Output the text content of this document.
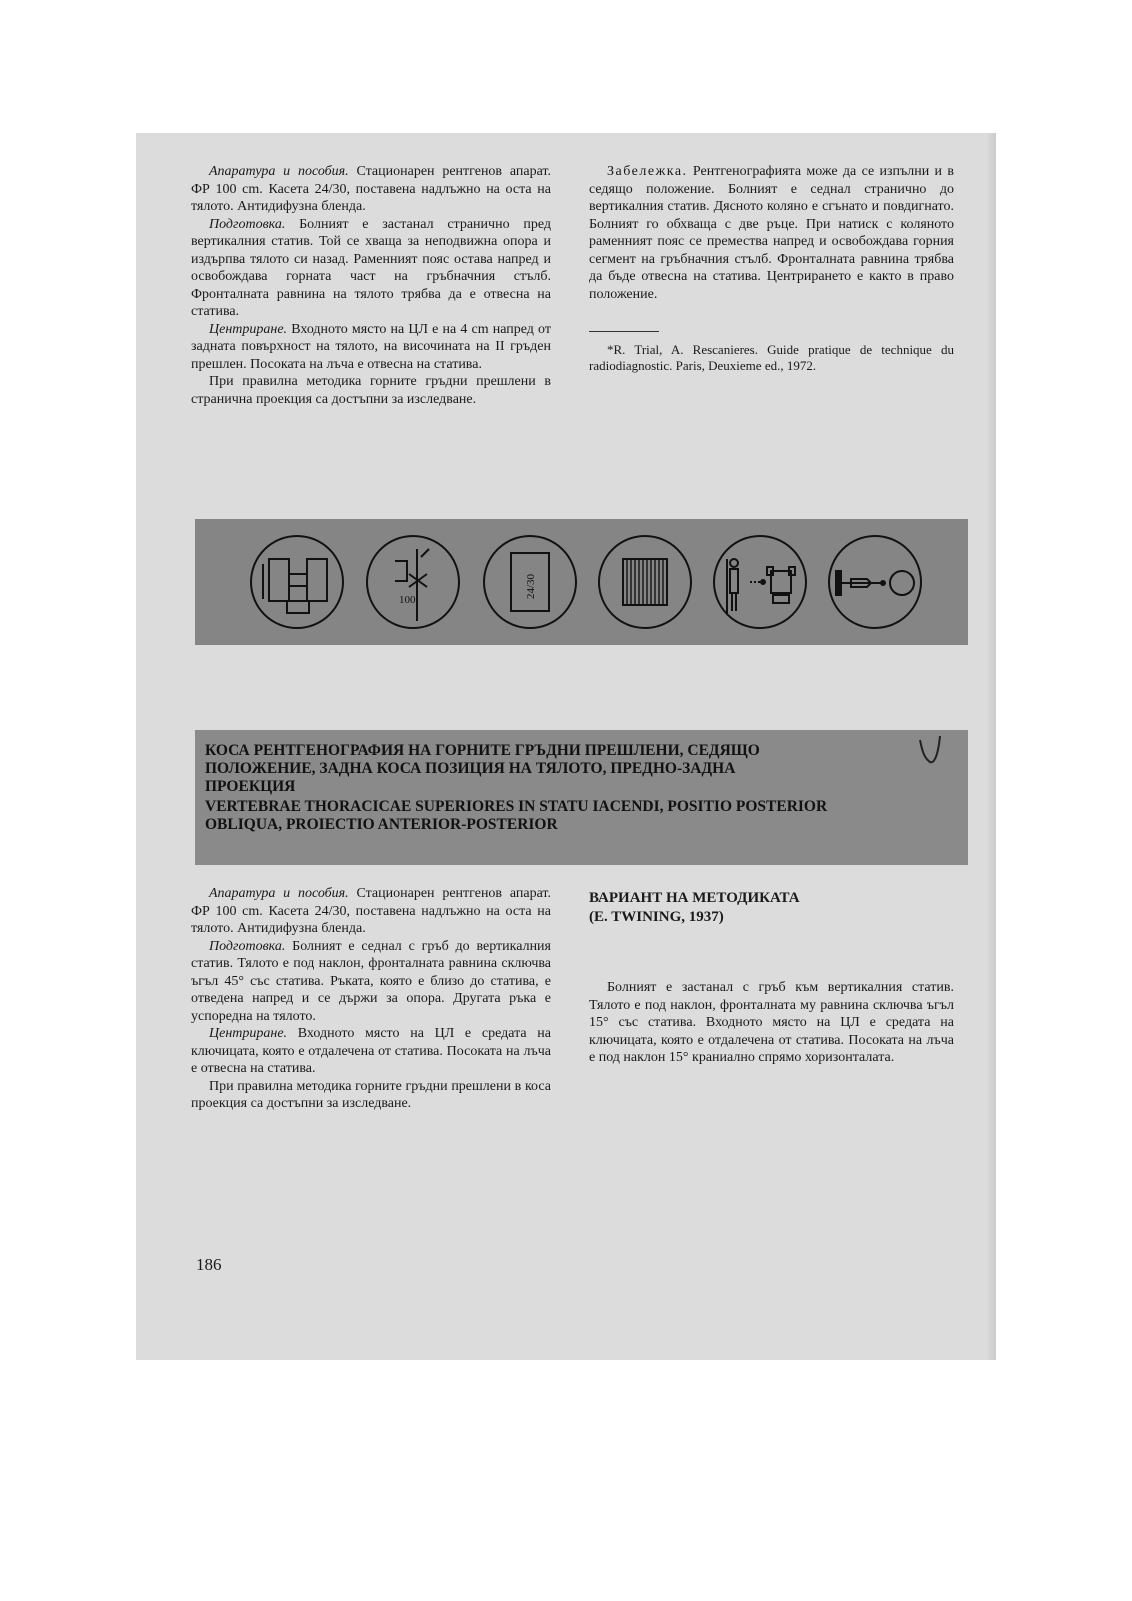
Апаратура и пособия. Стационарен рентгенов апарат. ФР 100 cm. Касета 24/30, поставена надлъжно на оста на тялото. Антидифузна бленда.

Подготовка. Болният е застанал странично пред вертикалния статив. Той се хваща за неподвижна опора и издърпва тялото си назад. Раменният пояс остава напред и освобождава горната част на гръбначния стълб. Фронталната равнина на тялото трябва да е отвесна на статива.

Центриране. Входното място на ЦЛ е на 4 cm напред от задната повърхност на тялото, на височината на II гръден прешлен. Посоката на лъча е отвесна на статива.

При правилна методика горните гръдни прешлени в странична проекция са достъпни за изследване.

Забележка. Рентгенографията може да се изпълни и в седящо положение. Болният е седнал странично до вертикалния статив. Дясното коляно е сгънато и повдигнато. Болният го обхваща с две ръце. При натиск с коляното раменният пояс се премества напред и освобождава горния сегмент на гръбначния стълб. Фронталната равнина трябва да бъде отвесна на статива. Центрирането е както в право положение.

*R. Trial, A. Rescanieres. Guide pratique de technique du radiodiagnostic. Paris, Deuxieme ed., 1972.

100
24/30
КОСА РЕНТГЕНОГРАФИЯ НА ГОРНИТЕ ГРЪДНИ ПРЕШЛЕНИ, СЕДЯЩО
ПОЛОЖЕНИЕ, ЗАДНА КОСА ПОЗИЦИЯ НА ТЯЛОТО, ПРЕДНО-ЗАДНА
ПРОЕКЦИЯ
VERTEBRAE THORACICAE SUPERIORES IN STATU IACENDI, POSITIO POSTERIOR
OBLIQUA, PROIECTIO ANTERIOR-POSTERIOR

Апаратура и пособия. Стационарен рентгенов апарат. ФР 100 cm. Касета 24/30, поставена надлъжно на оста на тялото. Антидифузна бленда.

Подготовка. Болният е седнал с гръб до вертикалния статив. Тялото е под наклон, фронталната равнина сключва ъгъл 45° със статива. Ръката, която е близо до статива, е отведена напред и се държи за опора. Другата ръка е успоредна на тялото.

Центриране. Входното място на ЦЛ е средата на ключицата, която е отдалечена от статива. Посоката на лъча е отвесна на статива.

При правилна методика горните гръдни прешлени в коса проекция са достъпни за изследване.

ВАРИАНТ НА МЕТОДИКАТА
(E. TWINING, 1937)

Болният е застанал с гръб към вертикалния статив. Тялото е под наклон, фронталната му равнина сключва ъгъл 15° със статива. Входното място на ЦЛ е средата на ключицата, която е отдалечена от статива. Посоката на лъча е под наклон 15° краниално спрямо хоризонталата.

186
